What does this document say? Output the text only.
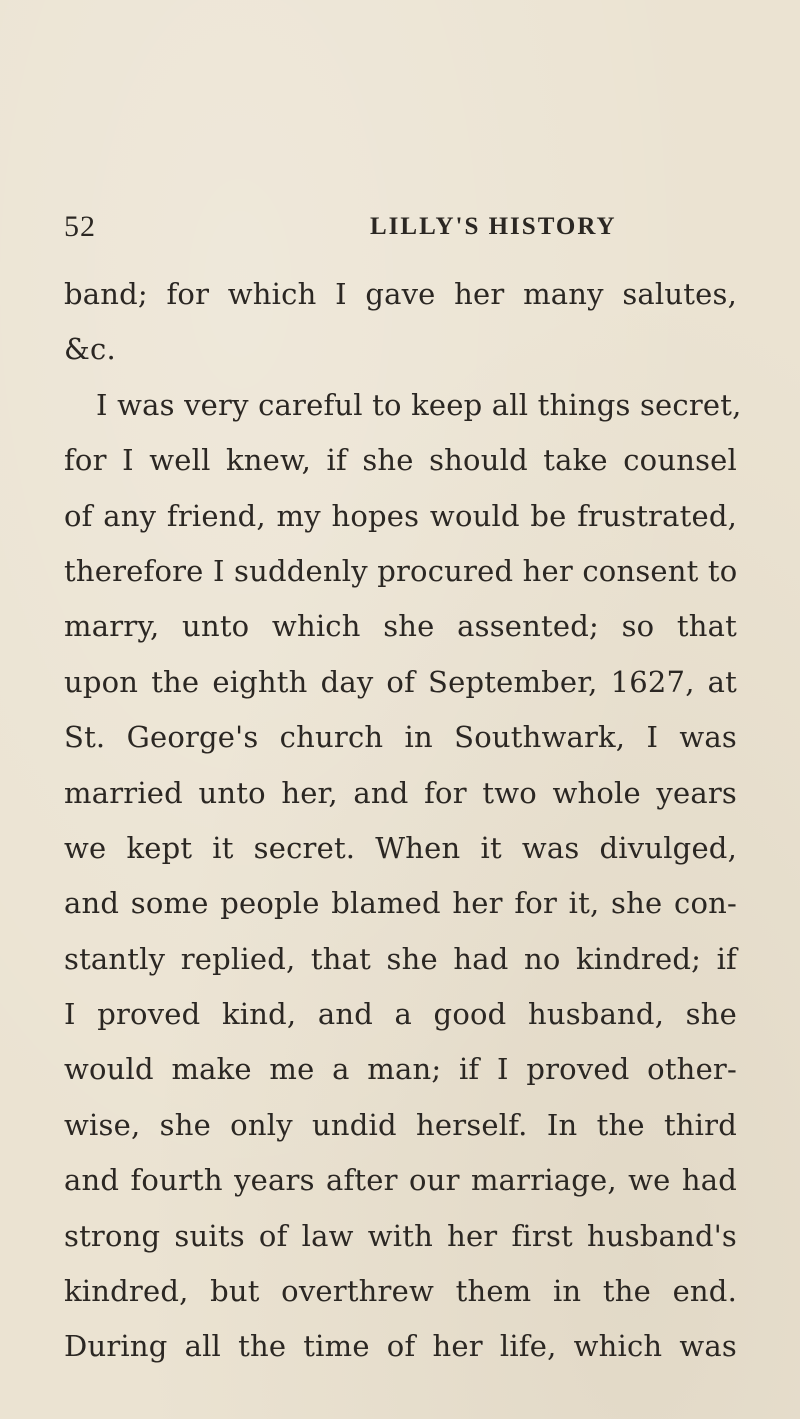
52	LILLY'S HISTORY
band; for which I gave her many salutes,
&c.
I was very careful to keep all things secret,
for I well knew, if she should take counsel
of any friend, my hopes would be frustrated,
therefore I suddenly procured her consent to
marry, unto which she assented; so that
upon the eighth day of September, 1627, at
St. George's church in Southwark, I was
married unto her, and for two whole years
we kept it secret. When it was divulged,
and some people blamed her for it, she con-
stantly replied, that she had no kindred; if
I proved kind, and a good husband, she
would make me a man; if I proved other-
wise, she only undid herself. In the third
and fourth years after our marriage, we had
strong suits of law with her first husband's
kindred, but overthrew them in the end.
During all the time of her life, which was
